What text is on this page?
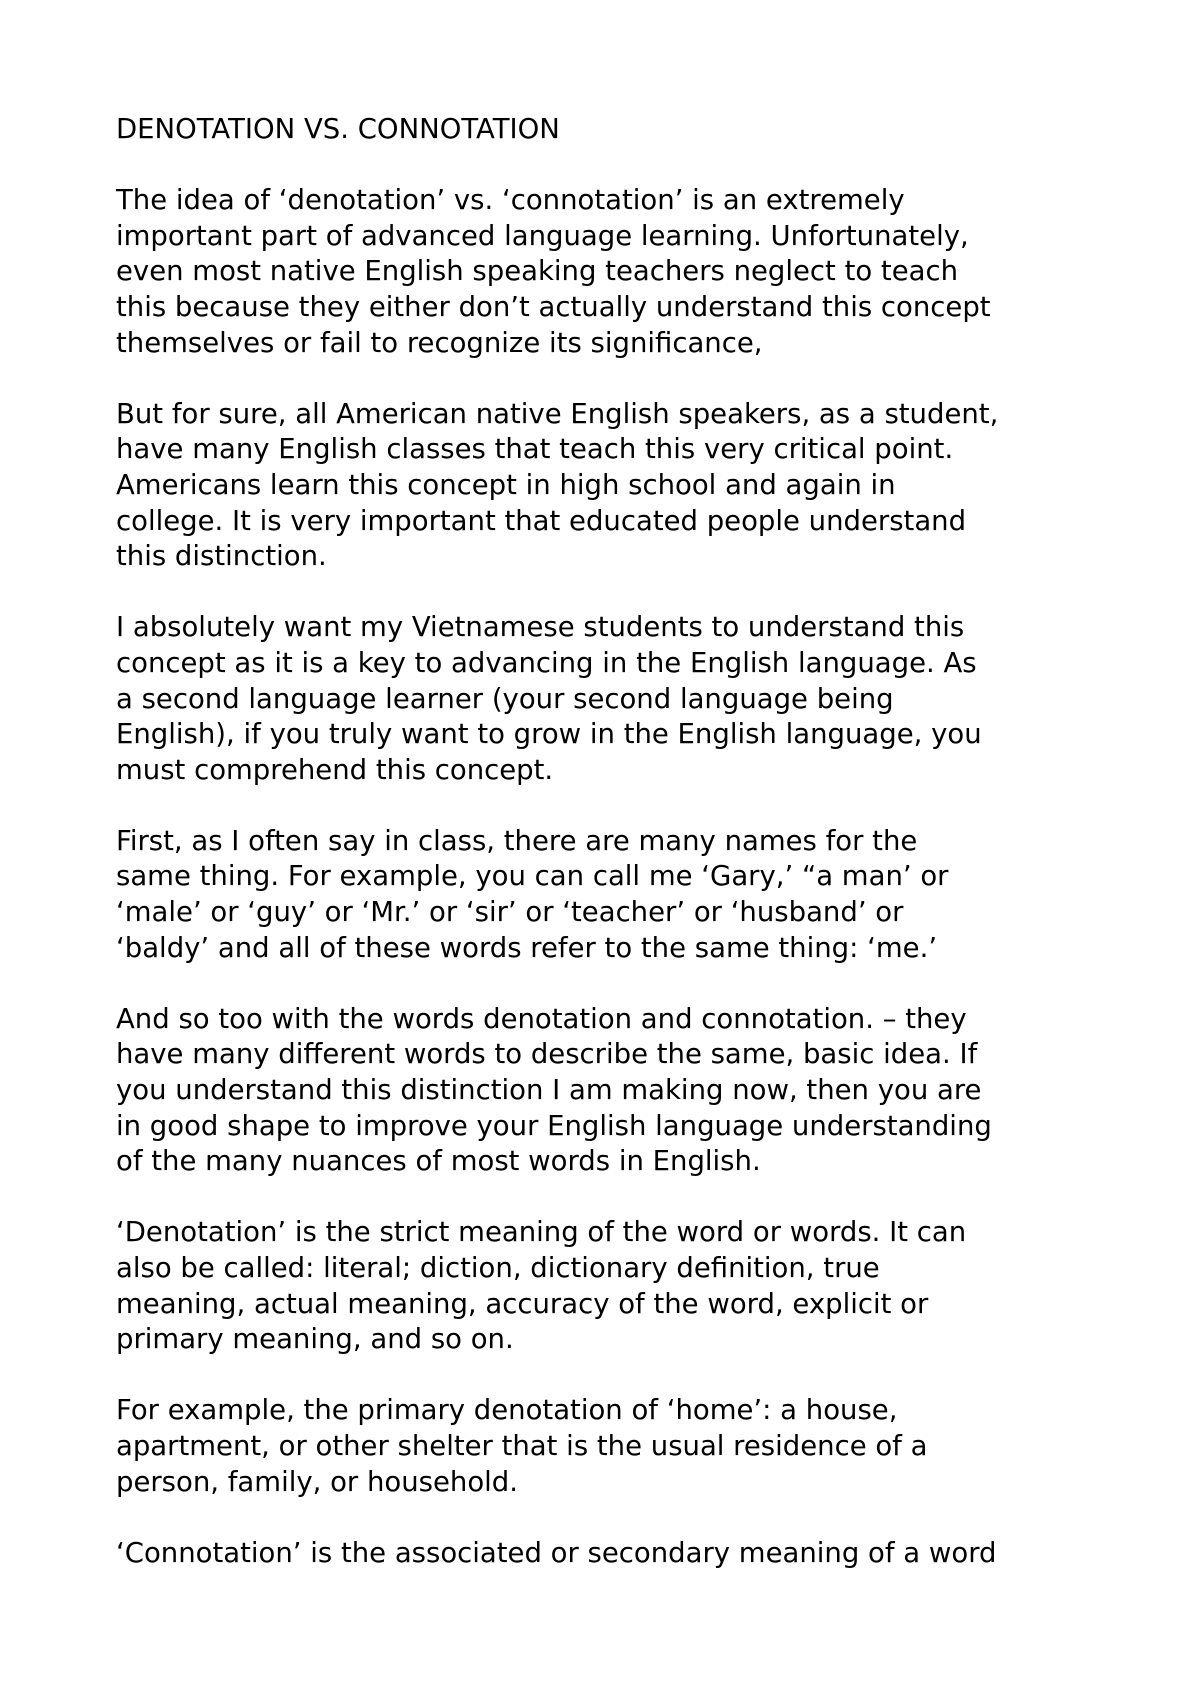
DENOTATION VS. CONNOTATION
The idea of ‘denotation’ vs. ‘connotation’ is an extremely
important part of advanced language learning. Unfortunately,
even most native English speaking teachers neglect to teach
this because they either don’t actually understand this concept
themselves or fail to recognize its significance,
But for sure, all American native English speakers, as a student,
have many English classes that teach this very critical point.
Americans learn this concept in high school and again in
college. It is very important that educated people understand
this distinction.
I absolutely want my Vietnamese students to understand this
concept as it is a key to advancing in the English language. As
a second language learner (your second language being
English), if you truly want to grow in the English language, you
must comprehend this concept.
First, as I often say in class, there are many names for the
same thing. For example, you can call me ‘Gary,’ “a man’ or
‘male’ or ‘guy’ or ‘Mr.’ or ‘sir’ or ‘teacher’ or ‘husband’ or
‘baldy’ and all of these words refer to the same thing: ‘me.’
And so too with the words denotation and connotation. – they
have many different words to describe the same, basic idea. If
you understand this distinction I am making now, then you are
in good shape to improve your English language understanding
of the many nuances of most words in English.
‘Denotation’ is the strict meaning of the word or words. It can
also be called: literal; diction, dictionary definition, true
meaning, actual meaning, accuracy of the word, explicit or
primary meaning, and so on.
For example, the primary denotation of ‘home’: a house,
apartment, or other shelter that is the usual residence of a
person, family, or household.
‘Connotation’ is the associated or secondary meaning of a word
